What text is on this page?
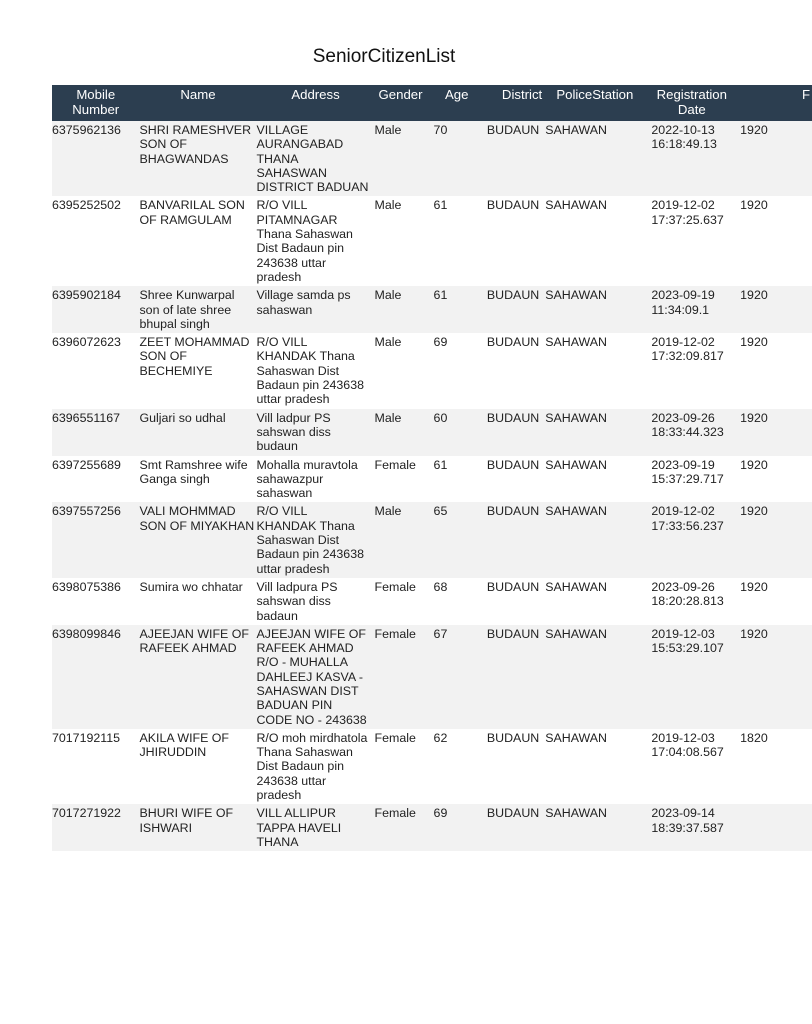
SeniorCitizenList
Mobile Number	Name	Address	Gender	Age	District	PoliceStation	Registration Date	F
6375962136	SHRI RAMESHVER SON OF BHAGWANDAS	VILLAGE AURANGABAD THANA SAHASWAN DISTRICT BADUAN	Male	70	BUDAUN	SAHAWAN	2022-10-13 16:18:49.13	1920
6395252502	BANVARILAL SON OF RAMGULAM	R/O VILL PITAMNAGAR Thana Sahaswan Dist Badaun pin 243638 uttar pradesh	Male	61	BUDAUN	SAHAWAN	2019-12-02 17:37:25.637	1920
6395902184	Shree Kunwarpal son of late shree bhupal singh	Village samda ps sahaswan	Male	61	BUDAUN	SAHAWAN	2023-09-19 11:34:09.1	1920
6396072623	ZEET MOHAMMAD SON OF BECHEMIYE	R/O VILL KHANDAK Thana Sahaswan Dist Badaun pin 243638 uttar pradesh	Male	69	BUDAUN	SAHAWAN	2019-12-02 17:32:09.817	1920
6396551167	Guljari so udhal	Vill ladpur PS sahswan diss budaun	Male	60	BUDAUN	SAHAWAN	2023-09-26 18:33:44.323	1920
6397255689	Smt Ramshree wife Ganga singh	Mohalla muravtola sahawazpur sahaswan	Female	61	BUDAUN	SAHAWAN	2023-09-19 15:37:29.717	1920
6397557256	VALI MOHMMAD SON OF MIYAKHAN	R/O VILL KHANDAK Thana Sahaswan Dist Badaun pin 243638 uttar pradesh	Male	65	BUDAUN	SAHAWAN	2019-12-02 17:33:56.237	1920
6398075386	Sumira wo chhatar	Vill ladpura PS sahswan diss badaun	Female	68	BUDAUN	SAHAWAN	2023-09-26 18:20:28.813	1920
6398099846	AJEEJAN WIFE OF RAFEEK AHMAD	AJEEJAN WIFE OF RAFEEK AHMAD R/O - MUHALLA DAHLEEJ KASVA - SAHASWAN DIST BADUAN PIN CODE NO - 243638	Female	67	BUDAUN	SAHAWAN	2019-12-03 15:53:29.107	1920
7017192115	AKILA WIFE OF JHIRUDDIN	R/O moh mirdhatola Thana Sahaswan Dist Badaun pin 243638 uttar pradesh	Female	62	BUDAUN	SAHAWAN	2019-12-03 17:04:08.567	1820
7017271922	BHURI WIFE OF ISHWARI	VILL ALLIPUR TAPPA HAVELI THANA	Female	69	BUDAUN	SAHAWAN	2023-09-14 18:39:37.587	
